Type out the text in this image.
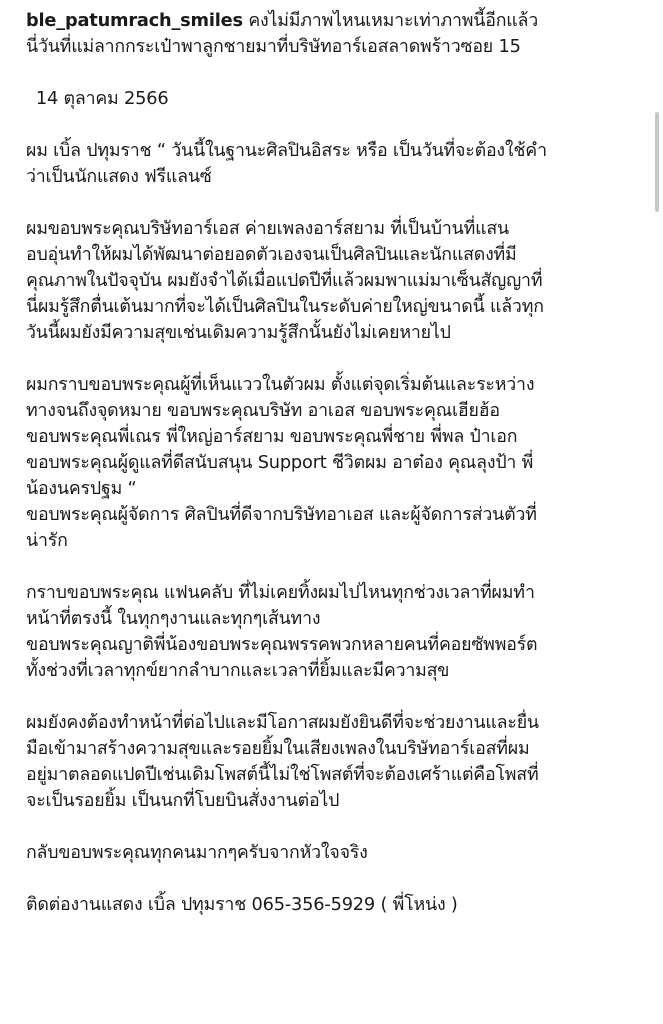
ble_patumrach_smiles คงไม่มีภาพไหนเหมาะเท่าภาพนี้อีกแล้ว
นี่วันที่แม่ลากกระเป๋าพาลูกชายมาที่บริษัทอาร์เอสลาดพร้าวซอย 15

14 ตุลาคม 2566

ผม เบิ้ล ปทุมราช “ วันนี้ในฐานะศิลปินอิสระ หรือ เป็นวันที่จะต้องใช้คำ
ว่าเป็นนักแสดง ฟรีแลนซ์

ผมขอบพระคุณบริษัทอาร์เอส ค่ายเพลงอาร์สยาม ที่เป็นบ้านที่แสน
อบอุ่นทำให้ผมได้พัฒนาต่อยอดตัวเองจนเป็นศิลปินและนักแสดงที่มี
คุณภาพในปัจจุบัน ผมยังจำได้เมื่อแปดปีที่แล้วผมพาแม่มาเซ็นสัญญาที่
นี่ผมรู้สึกตื่นเต้นมากที่จะได้เป็นศิลปินในระดับค่ายใหญ่ขนาดนี้ แล้วทุก
วันนี้ผมยังมีความสุขเช่นเดิมความรู้สึกนั้นยังไม่เคยหายไป

ผมกราบขอบพระคุณผู้ที่เห็นแววในตัวผม ตั้งแต่จุดเริ่มต้นและระหว่าง
ทางจนถึงจุดหมาย ขอบพระคุณบริษัท อาเอส ขอบพระคุณเฮียฮ้อ
ขอบพระคุณพี่เณร พี่ใหญ่อาร์สยาม ขอบพระคุณพี่ชาย พี่พล ป๋าเอก
ขอบพระคุณผู้ดูแลที่ดีสนับสนุน Support ชีวิตผม อาต๋อง คุณลุงป้า พี่
น้องนครปฐม “
ขอบพระคุณผู้จัดการ ศิลปินที่ดีจากบริษัทอาเอส และผู้จัดการส่วนตัวที่
น่ารัก

กราบขอบพระคุณ แฟนคลับ ที่ไม่เคยทิ้งผมไปไหนทุกช่วงเวลาที่ผมทำ
หน้าที่ตรงนี้ ในทุกๆงานและทุกๆเส้นทาง
ขอบพระคุณญาติพี่น้องขอบพระคุณพรรคพวกหลายคนที่คอยซัพพอร์ต
ทั้งช่วงที่เวลาทุกข์ยากลำบากและเวลาที่ยิ้มและมีความสุข

ผมยังคงต้องทำหน้าที่ต่อไปและมีโอกาสผมยังยินดีที่จะช่วยงานและยื่น
มือเข้ามาสร้างความสุขและรอยยิ้มในเสียงเพลงในบริษัทอาร์เอสที่ผม
อยู่มาตลอดแปดปีเช่นเดิมโพสต์นี้ไม่ใช่โพสต์ที่จะต้องเศร้าแต่คือโพสที่
จะเป็นรอยยิ้ม เป็นนกที่โบยบินสั่งงานต่อไป

กลับขอบพระคุณทุกคนมากๆครับจากหัวใจจริง

ติดต่องานแสดง เบิ้ล ปทุมราช 065-356-5929 ( พี่โหน่ง )
